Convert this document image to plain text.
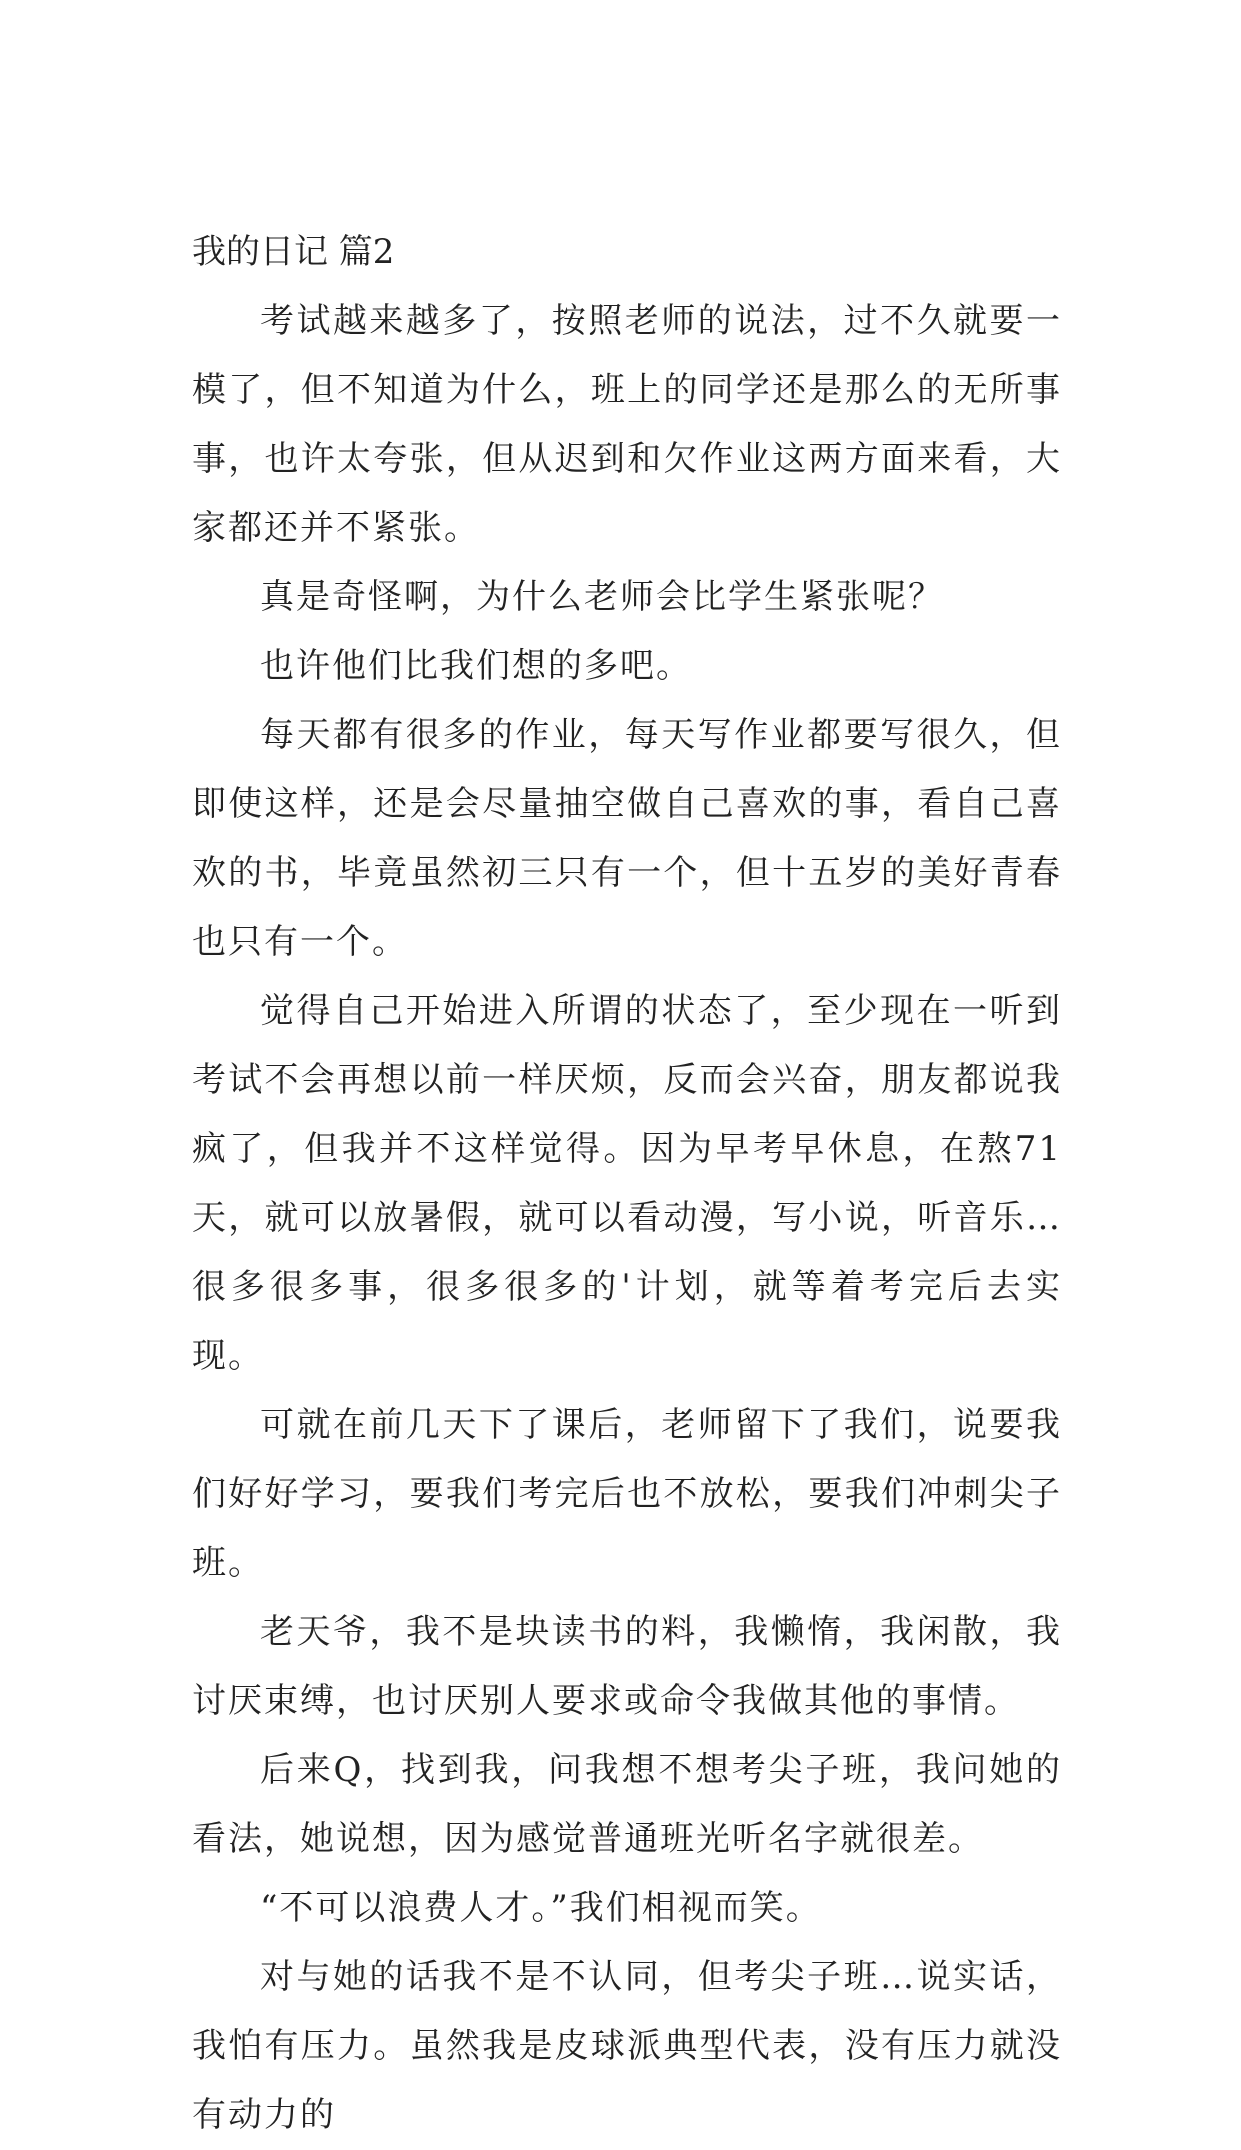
我的日记 篇2

考试越来越多了，按照老师的说法，过不久就要一模了，但不知道为什么，班上的同学还是那么的无所事事，也许太夸张，但从迟到和欠作业这两方面来看，大家都还并不紧张。

真是奇怪啊，为什么老师会比学生紧张呢？

也许他们比我们想的多吧。

每天都有很多的作业，每天写作业都要写很久，但即使这样，还是会尽量抽空做自己喜欢的事，看自己喜欢的书，毕竟虽然初三只有一个，但十五岁的美好青春也只有一个。

觉得自己开始进入所谓的状态了，至少现在一听到考试不会再想以前一样厌烦，反而会兴奋，朋友都说我疯了，但我并不这样觉得。因为早考早休息，在熬71天，就可以放暑假，就可以看动漫，写小说，听音乐…很多很多事，很多很多的'计划，就等着考完后去实现。

可就在前几天下了课后，老师留下了我们，说要我们好好学习，要我们考完后也不放松，要我们冲刺尖子班。

老天爷，我不是块读书的料，我懒惰，我闲散，我讨厌束缚，也讨厌别人要求或命令我做其他的事情。

后来Q，找到我，问我想不想考尖子班，我问她的看法，她说想，因为感觉普通班光听名字就很差。

“不可以浪费人才。”我们相视而笑。

对与她的话我不是不认同，但考尖子班…说实话，我怕有压力。虽然我是皮球派典型代表，没有压力就没有动力的
